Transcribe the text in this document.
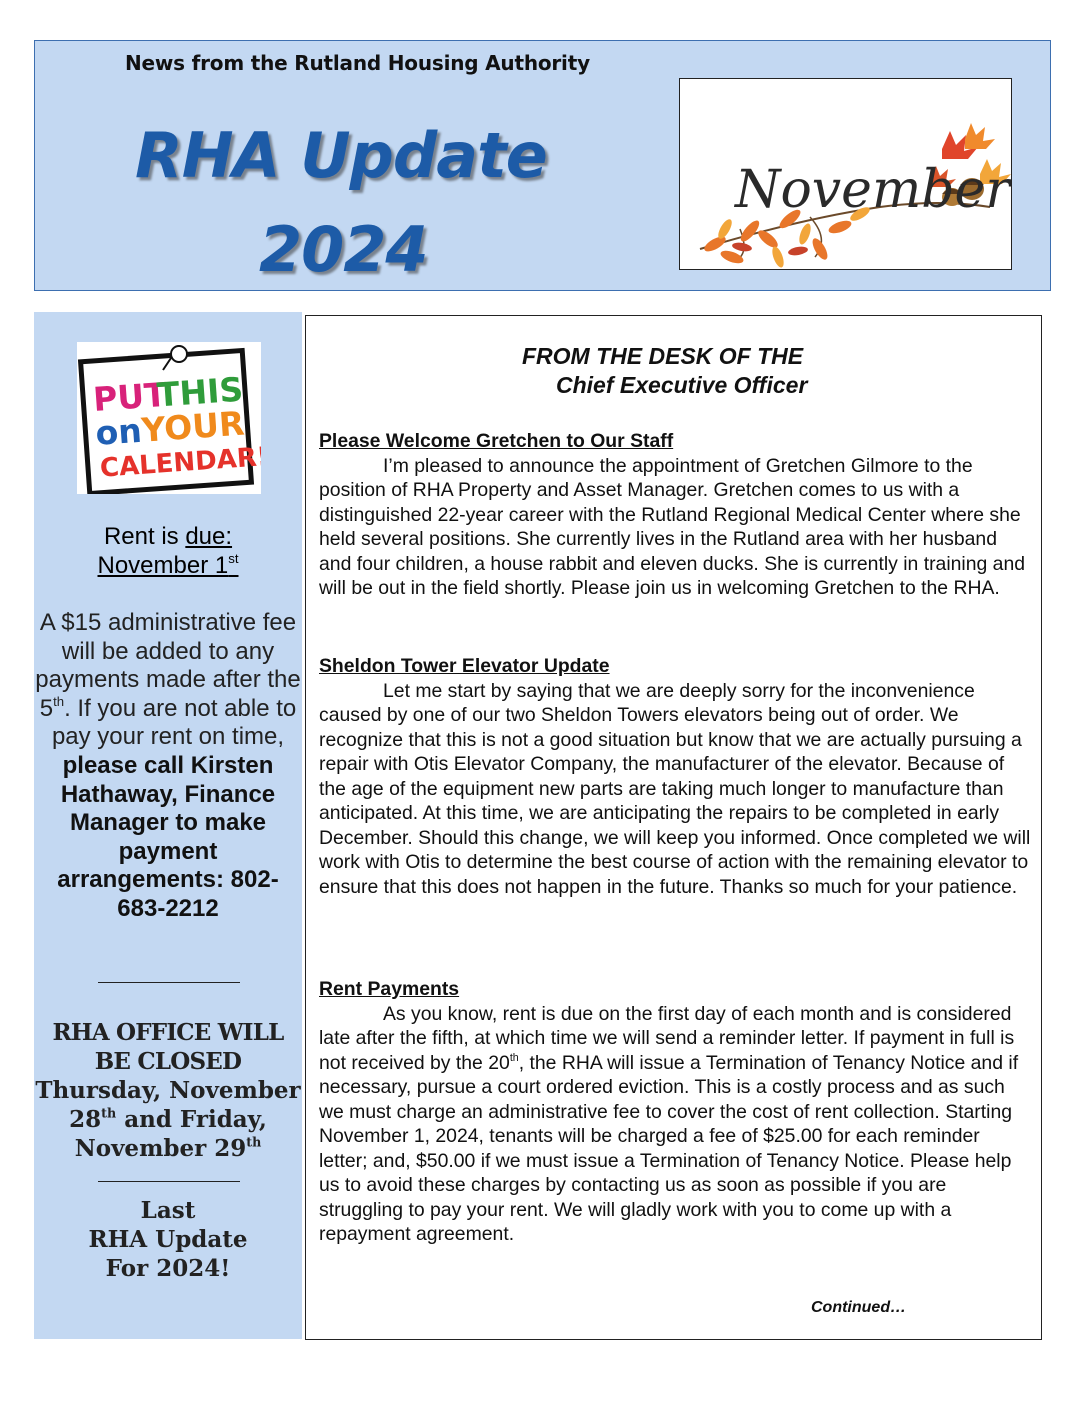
News from the Rutland Housing Authority
RHA Update
2024
November
PUT
THIS
on
YOUR
CALENDAR!
Rent is due:
November 1st
A $15 administrative fee will be added to any payments made after the 5th. If you are not able to pay your rent on time, please call Kirsten Hathaway, Finance Manager to make payment arrangements: 802-683-2212
RHA OFFICE WILL BE CLOSED
Thursday, November 28th and Friday,
November 29th
Last
RHA Update
For 2024!
FROM THE DESK OF THE
Chief Executive Officer
Please Welcome Gretchen to Our Staff

I’m pleased to announce the appointment of Gretchen Gilmore to the position of RHA Property and Asset Manager. Gretchen comes to us with a distinguished 22-year career with the Rutland Regional Medical Center where she held several positions. She currently lives in the Rutland area with her husband and four children, a house rabbit and eleven ducks. She is currently in training and will be out in the field shortly. Please join us in welcoming Gretchen to the RHA.

Sheldon Tower Elevator Update

Let me start by saying that we are deeply sorry for the inconvenience caused by one of our two Sheldon Towers elevators being out of order. We recognize that this is not a good situation but know that we are actually pursuing a repair with Otis Elevator Company, the manufacturer of the elevator. Because of the age of the equipment new parts are taking much longer to manufacture than anticipated. At this time, we are anticipating the repairs to be completed in early December. Should this change, we will keep you informed. Once completed we will work with Otis to determine the best course of action with the remaining elevator to ensure that this does not happen in the future. Thanks so much for your patience.

Rent Payments

As you know, rent is due on the first day of each month and is considered late after the fifth, at which time we will send a reminder letter. If payment in full is not received by the 20th, the RHA will issue a Termination of Tenancy Notice and if necessary, pursue a court ordered eviction. This is a costly process and as such we must charge an administrative fee to cover the cost of rent collection. Starting November 1, 2024, tenants will be charged a fee of $25.00 for each reminder letter; and, $50.00 if we must issue a Termination of Tenancy Notice. Please help us to avoid these charges by contacting us as soon as possible if you are struggling to pay your rent. We will gladly work with you to come up with a repayment agreement.

Continued…
